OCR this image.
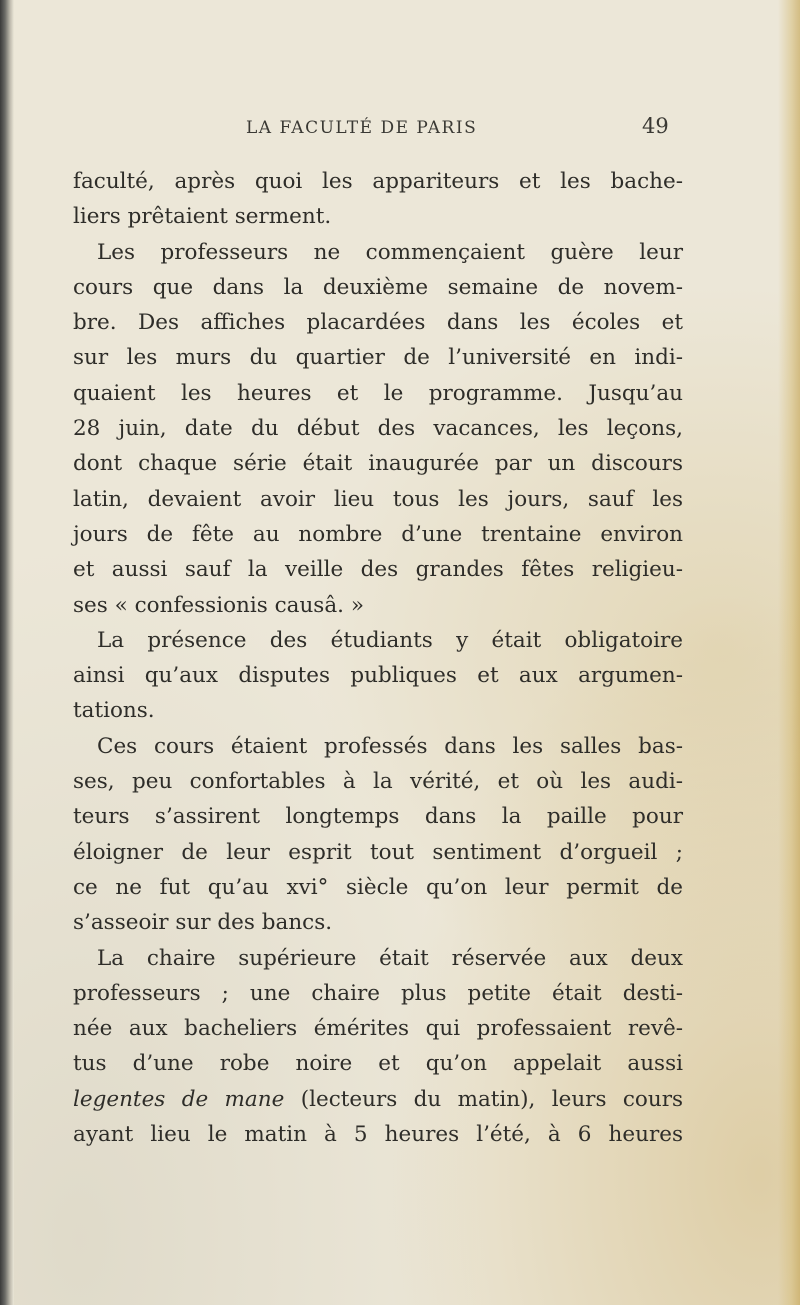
LA FACULTÉ DE PARIS	49
faculté, après quoi les appariteurs et les bache-
liers prêtaient serment.
Les professeurs ne commençaient guère leur
cours que dans la deuxième semaine de novem-
bre. Des affiches placardées dans les écoles et
sur les murs du quartier de l’université en indi-
quaient les heures et le programme. Jusqu’au
28 juin, date du début des vacances, les leçons,
dont chaque série était inaugurée par un discours
latin, devaient avoir lieu tous les jours, sauf les
jours de fête au nombre d’une trentaine environ
et aussi sauf la veille des grandes fêtes religieu-
ses « confessionis causâ. »
La présence des étudiants y était obligatoire
ainsi qu’aux disputes publiques et aux argumen-
tations.
Ces cours étaient professés dans les salles bas-
ses, peu confortables à la vérité, et où les audi-
teurs s’assirent longtemps dans la paille pour
éloigner de leur esprit tout sentiment d’orgueil ;
ce ne fut qu’au xvi° siècle qu’on leur permit de
s’asseoir sur des bancs.
La chaire supérieure était réservée aux deux
professeurs ; une chaire plus petite était desti-
née aux bacheliers émérites qui professaient revê-
tus d’une robe noire et qu’on appelait aussi
legentes de mane (lecteurs du matin), leurs cours
ayant lieu le matin à 5 heures l’été, à 6 heures
